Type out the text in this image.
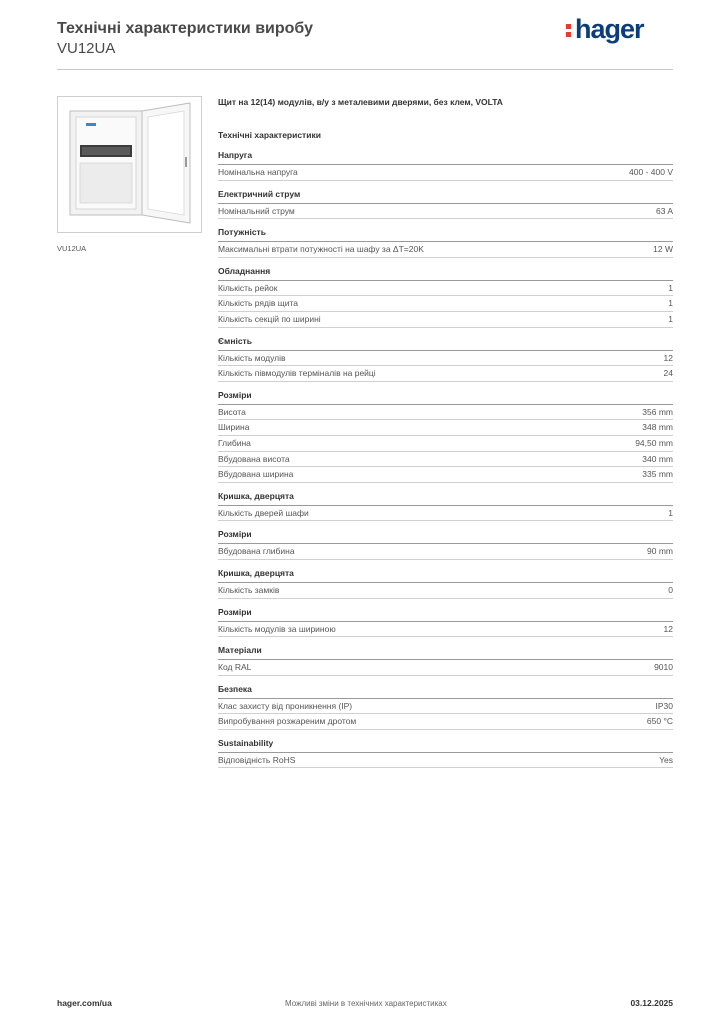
Технічні характеристики виробу
VU12UA
hager
VU12UA
Щит на 12(14) модулів, в/у з металевими дверями, без клем, VOLTA
Технічні характеристики
Напруга
Номінальна напруга	400 - 400 V
Електричний струм
Номінальний струм	63 A
Потужність
Максимальні втрати потужності на шафу за ΔT=20K	12 W
Обладнання
Кількість рейок	1
Кількість рядів щита	1
Кількість секцій по ширині	1
Ємність
Кількість модулів	12
Кількість півмодулів терміналів на рейці	24
Розміри
Висота	356 mm
Ширина	348 mm
Глибина	94,50 mm
Вбудована висота	340 mm
Вбудована ширина	335 mm
Кришка, дверцята
Кількість дверей шафи	1
Розміри
Вбудована глибина	90 mm
Кришка, дверцята
Кількість замків	0
Розміри
Кількість модулів за шириною	12
Матеріали
Код RAL	9010
Безпека
Клас захисту від проникнення (IP)	IP30
Випробування розжареним дротом	650 °C
Sustainability
Відповідність RoHS	Yes
hager.com/ua	Можливі зміни в технічних характеристиках	03.12.2025
